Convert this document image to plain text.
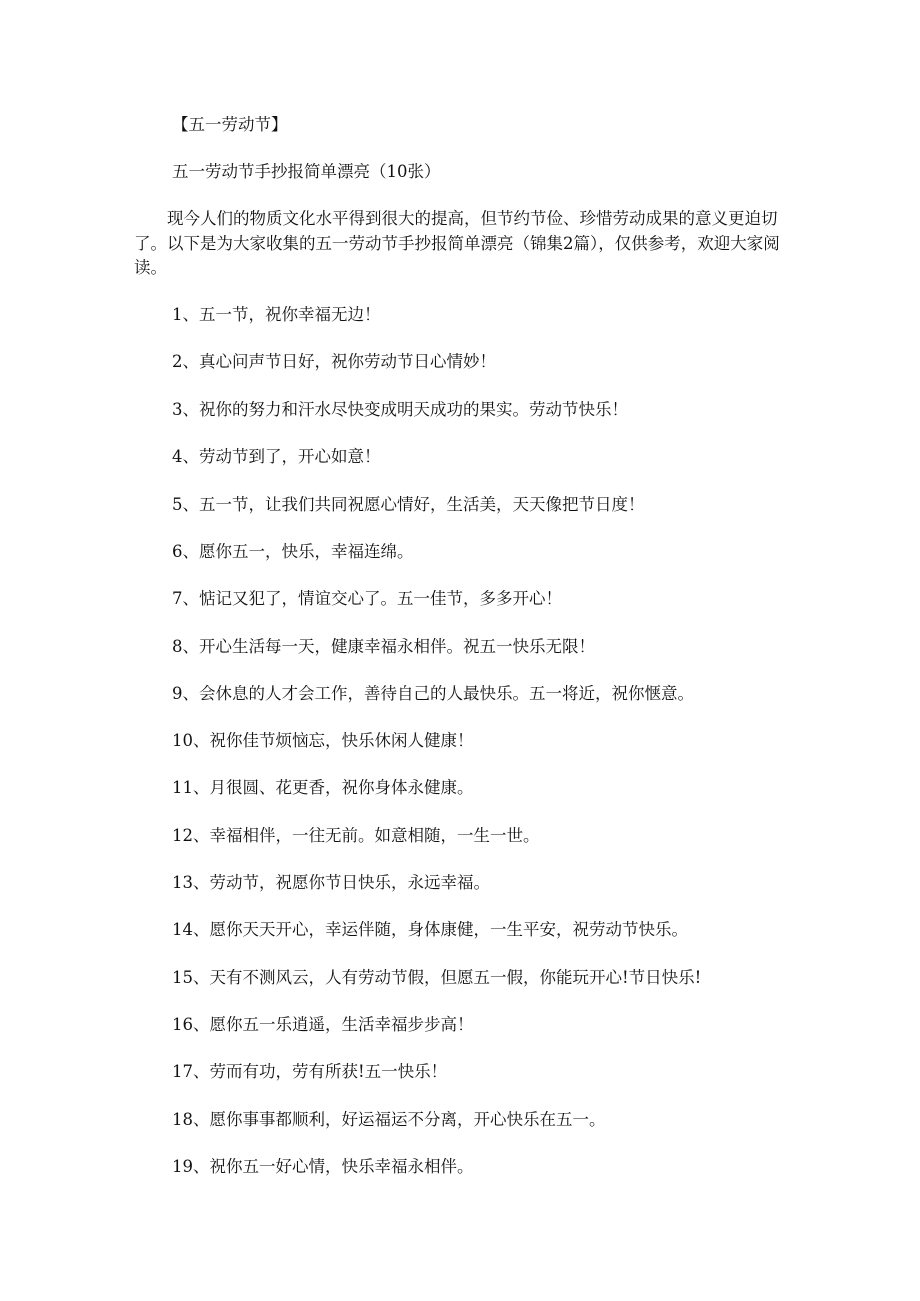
【五一劳动节】
五一劳动节手抄报简单漂亮（10张）
现今人们的物质文化水平得到很大的提高，但节约节俭、珍惜劳动成果的意义更迫切了。以下是为大家收集的五一劳动节手抄报简单漂亮（锦集2篇），仅供参考，欢迎大家阅读。
1、五一节，祝你幸福无边！
2、真心问声节日好，祝你劳动节日心情妙！
3、祝你的努力和汗水尽快变成明天成功的果实。劳动节快乐！
4、劳动节到了，开心如意！
5、五一节，让我们共同祝愿心情好，生活美，天天像把节日度！
6、愿你五一，快乐，幸福连绵。
7、惦记又犯了，情谊交心了。五一佳节，多多开心！
8、开心生活每一天，健康幸福永相伴。祝五一快乐无限！
9、会休息的人才会工作，善待自己的人最快乐。五一将近，祝你惬意。
10、祝你佳节烦恼忘，快乐休闲人健康！
11、月很圆、花更香，祝你身体永健康。
12、幸福相伴，一往无前。如意相随，一生一世。
13、劳动节，祝愿你节日快乐，永远幸福。
14、愿你天天开心，幸运伴随，身体康健，一生平安，祝劳动节快乐。
15、天有不测风云，人有劳动节假，但愿五一假，你能玩开心!节日快乐!
16、愿你五一乐逍遥，生活幸福步步高！
17、劳而有功，劳有所获!五一快乐！
18、愿你事事都顺利，好运福运不分离，开心快乐在五一。
19、祝你五一好心情，快乐幸福永相伴。
